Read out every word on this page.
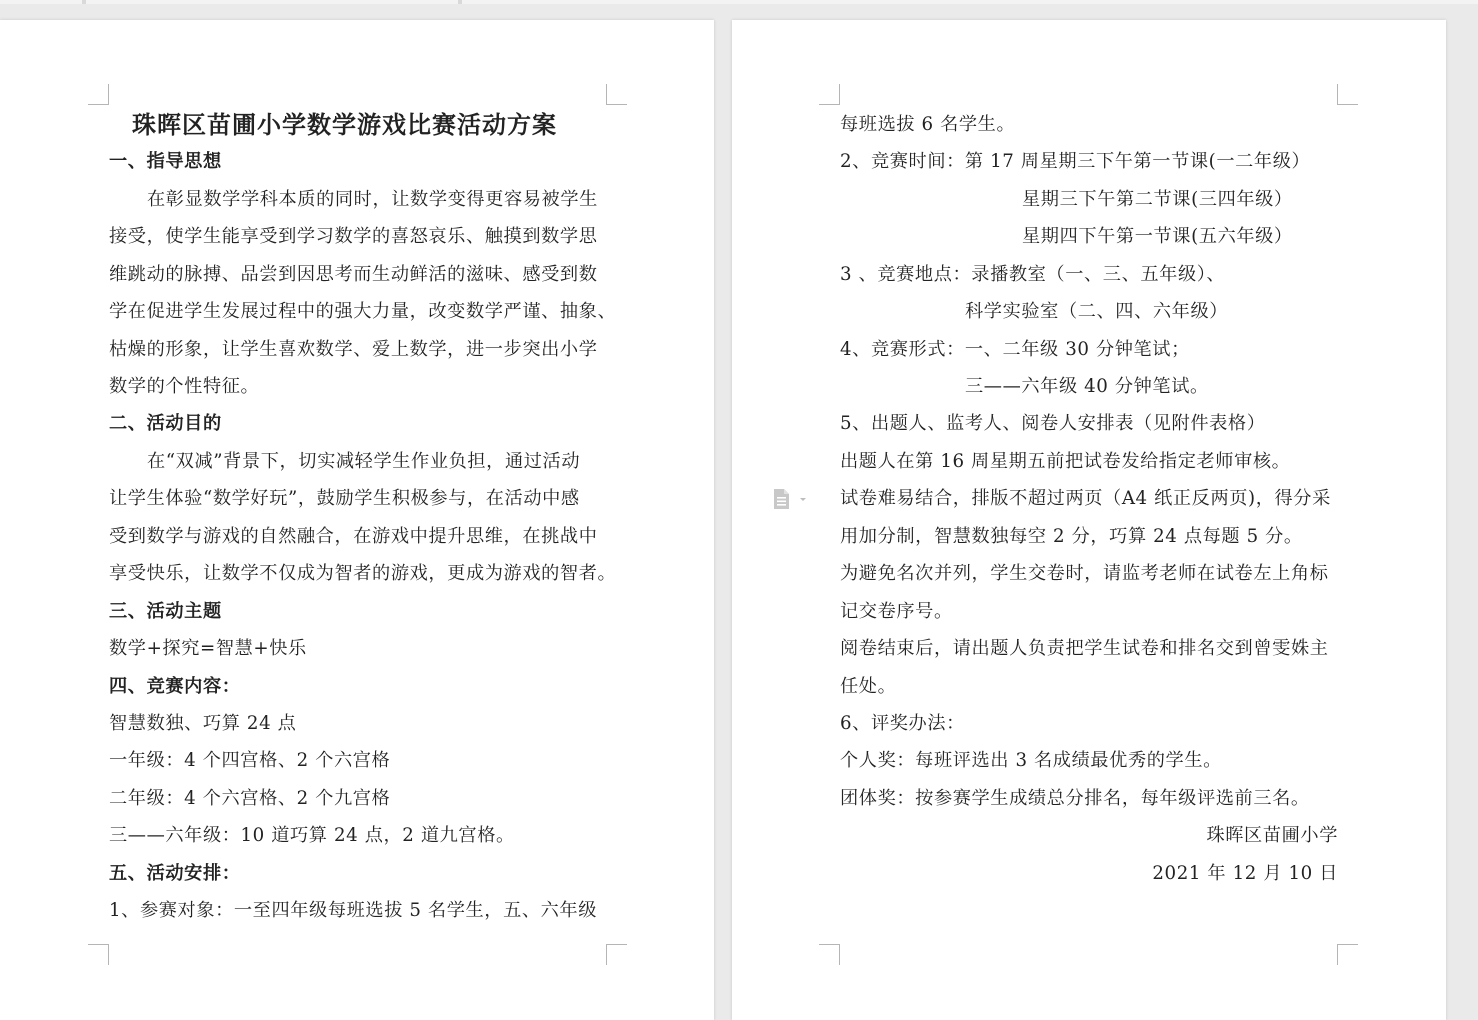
珠晖区苗圃小学数学游戏比赛活动方案
一、指导思想
在彰显数学学科本质的同时，让数学变得更容易被学生
接受，使学生能享受到学习数学的喜怒哀乐、触摸到数学思
维跳动的脉搏、品尝到因思考而生动鲜活的滋味、感受到数
学在促进学生发展过程中的强大力量，改变数学严谨、抽象、
枯燥的形象，让学生喜欢数学、爱上数学，进一步突出小学
数学的个性特征。
二、活动目的
在“双减”背景下，切实减轻学生作业负担，通过活动
让学生体验“数学好玩”，鼓励学生积极参与，在活动中感
受到数学与游戏的自然融合，在游戏中提升思维，在挑战中
享受快乐，让数学不仅成为智者的游戏，更成为游戏的智者。
三、活动主题
数学+探究=智慧+快乐
四、竞赛内容：
智慧数独、巧算 24 点
一年级：4 个四宫格、2 个六宫格
二年级：4 个六宫格、2 个九宫格
三——六年级：10 道巧算 24 点，2 道九宫格。
五、活动安排：
1、参赛对象：一至四年级每班选拔 5 名学生，五、六年级
每班选拔 6 名学生。
2、竞赛时间：第 17 周星期三下午第一节课(一二年级）
星期三下午第二节课(三四年级）
星期四下午第一节课(五六年级）
3 、竞赛地点：录播教室（一、三、五年级）、
科学实验室（二、四、六年级）
4、竞赛形式：一、二年级 30 分钟笔试；
三——六年级 40 分钟笔试。
5、出题人、监考人、阅卷人安排表（见附件表格）
出题人在第 16 周星期五前把试卷发给指定老师审核。
试卷难易结合，排版不超过两页（A4 纸正反两页)，得分采
用加分制，智慧数独每空 2 分，巧算 24 点每题 5 分。
为避免名次并列，学生交卷时，请监考老师在试卷左上角标
记交卷序号。
阅卷结束后，请出题人负责把学生试卷和排名交到曾雯姝主
任处。
6、评奖办法：
个人奖：每班评选出 3 名成绩最优秀的学生。
团体奖：按参赛学生成绩总分排名，每年级评选前三名。
珠晖区苗圃小学
2021 年 12 月 10 日
